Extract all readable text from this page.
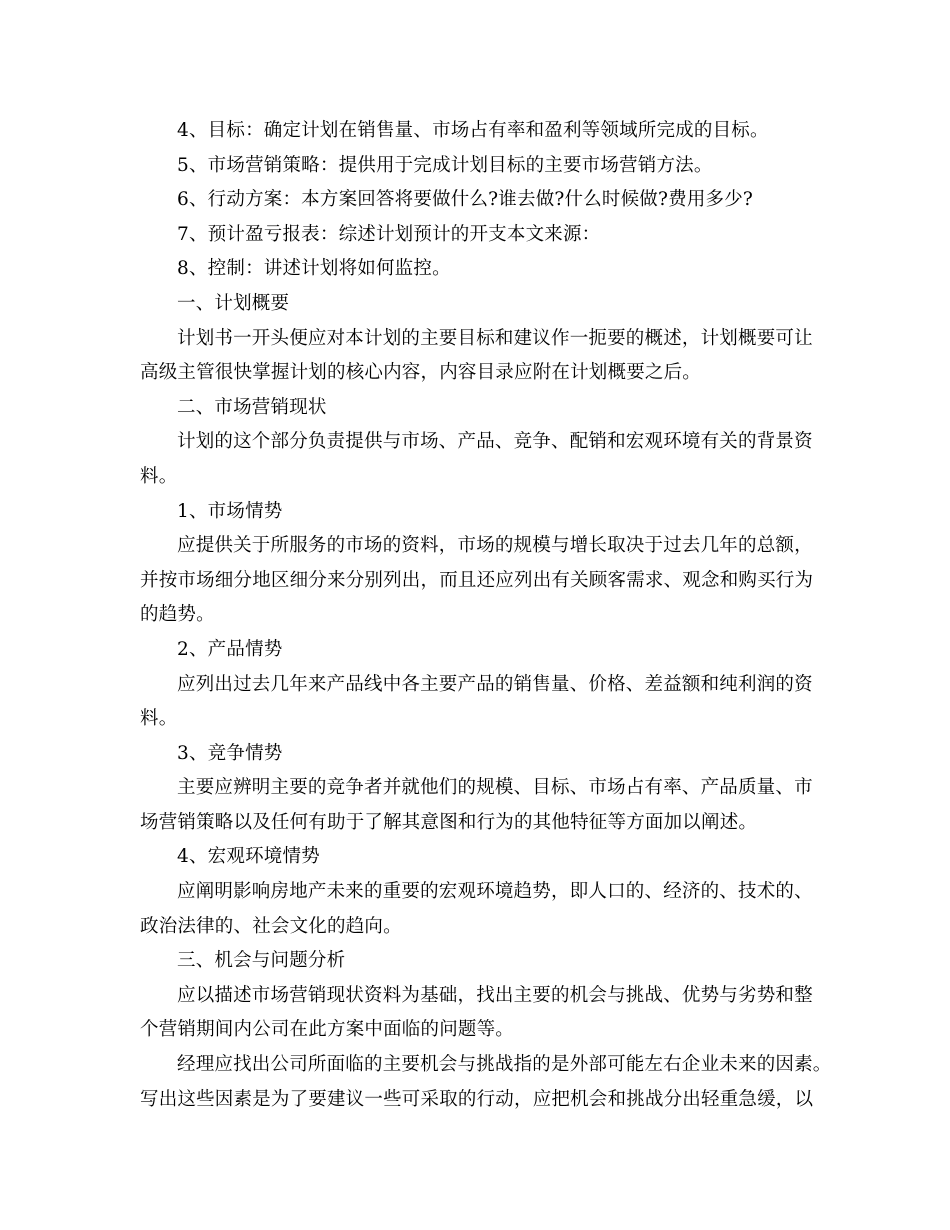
4、目标：确定计划在销售量、市场占有率和盈利等领域所完成的目标。

5、市场营销策略：提供用于完成计划目标的主要市场营销方法。

6、行动方案：本方案回答将要做什么?谁去做?什么时候做?费用多少?

7、预计盈亏报表：综述计划预计的开支本文来源：

8、控制：讲述计划将如何监控。

一、计划概要

计划书一开头便应对本计划的主要目标和建议作一扼要的概述，计划概要可让

高级主管很快掌握计划的核心内容，内容目录应附在计划概要之后。

二、市场营销现状

计划的这个部分负责提供与市场、产品、竞争、配销和宏观环境有关的背景资

料。

1、市场情势

应提供关于所服务的市场的资料，市场的规模与增长取决于过去几年的总额，

并按市场细分地区细分来分别列出，而且还应列出有关顾客需求、观念和购买行为

的趋势。

2、产品情势

应列出过去几年来产品线中各主要产品的销售量、价格、差益额和纯利润的资

料。

3、竞争情势

主要应辨明主要的竞争者并就他们的规模、目标、市场占有率、产品质量、市

场营销策略以及任何有助于了解其意图和行为的其他特征等方面加以阐述。

4、宏观环境情势

应阐明影响房地产未来的重要的宏观环境趋势，即人口的、经济的、技术的、

政治法律的、社会文化的趋向。

三、机会与问题分析

应以描述市场营销现状资料为基础，找出主要的机会与挑战、优势与劣势和整

个营销期间内公司在此方案中面临的问题等。

经理应找出公司所面临的主要机会与挑战指的是外部可能左右企业未来的因素。

写出这些因素是为了要建议一些可采取的行动，应把机会和挑战分出轻重急缓，以
